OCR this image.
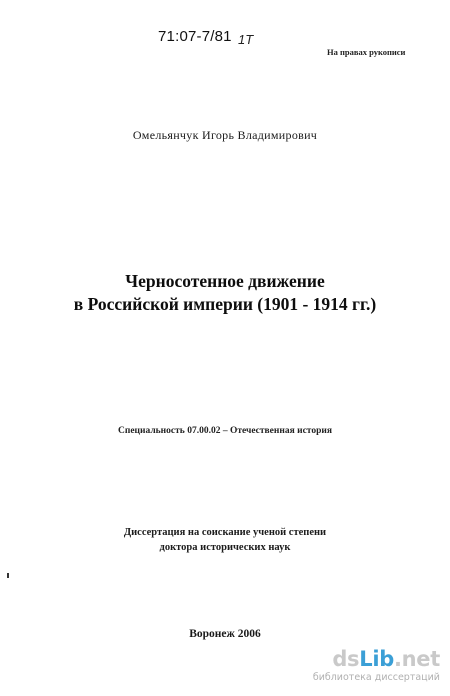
71:07-7/81 1Т
На правах рукописи
Омельянчук Игорь Владимирович
Черносотенное движение
в Российской империи (1901 - 1914 гг.)
Специальность 07.00.02 – Отечественная история
Диссертация на соискание ученой степени
доктора исторических наук
Воронеж 2006
dsLib.net
библиотека диссертаций
